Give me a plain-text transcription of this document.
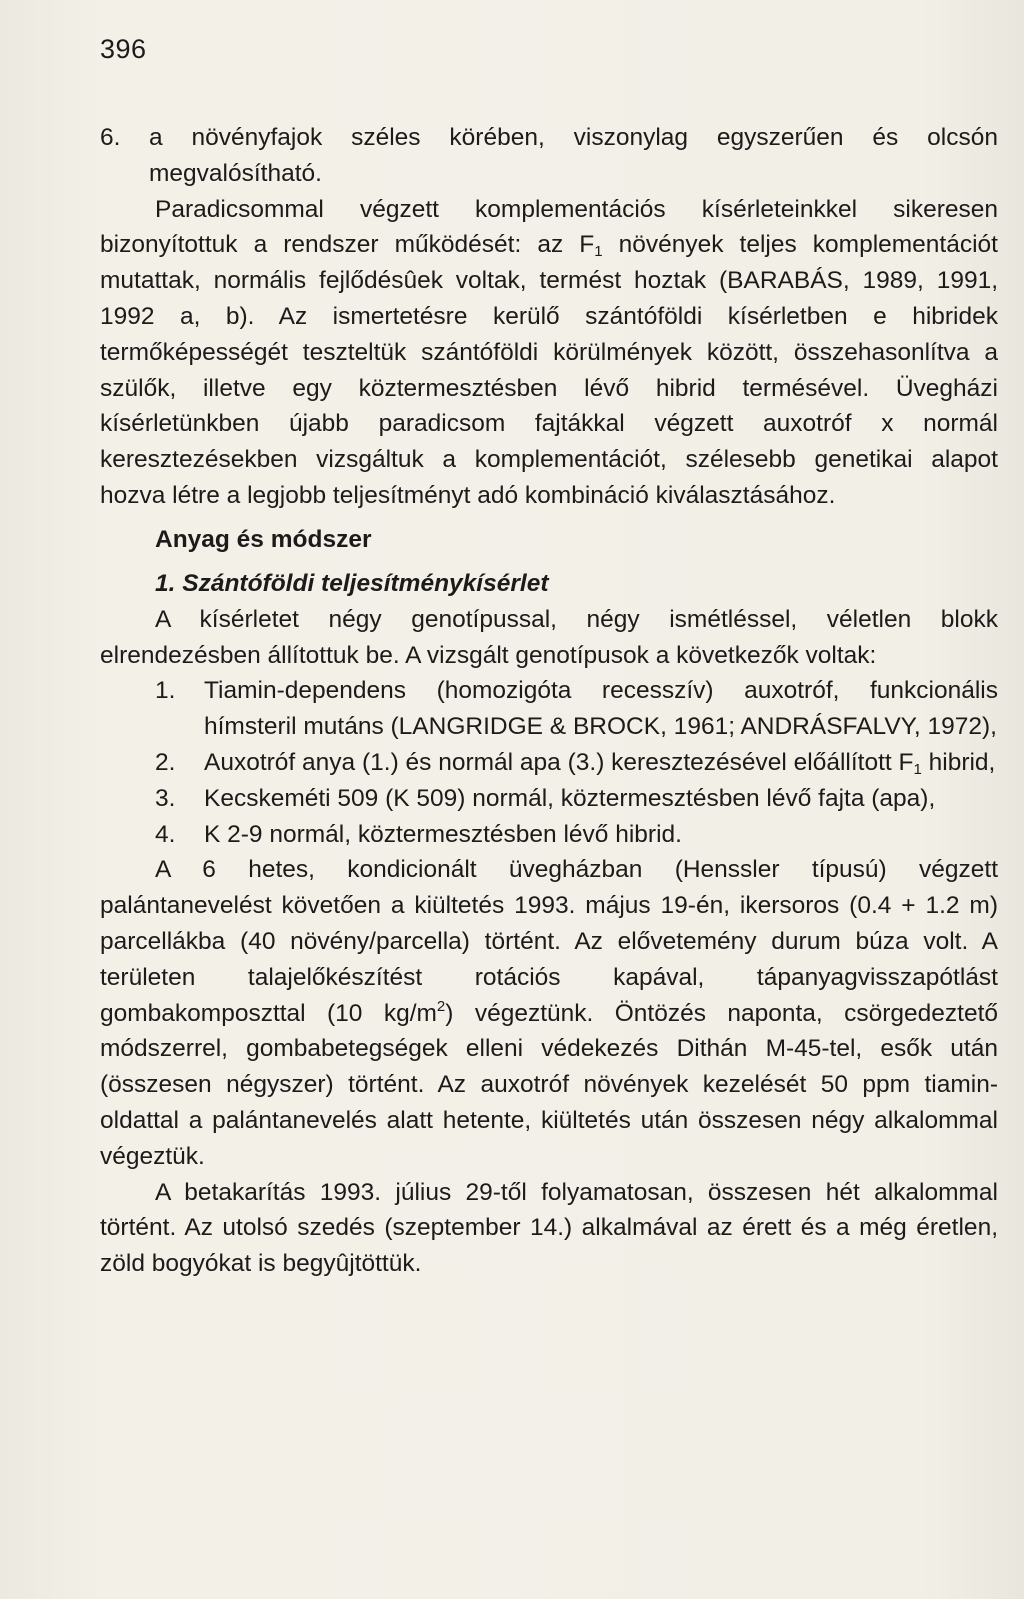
396
6.	a növényfajok széles körében, viszonylag egyszerűen és olcsón megvalósítható.

Paradicsommal végzett komplementációs kísérleteinkkel sikeresen bizonyítottuk a rendszer működését: az $F_1$ növények teljes komplementációt mutattak, normális fejlődésûek voltak, termést hoztak (BARABÁS, 1989, 1991, 1992 a, b). Az ismertetésre kerülő szántóföldi kísérletben e hibridek termőképességét teszteltük szántóföldi körülmények között, összehasonlítva a szülők, illetve egy köztermesztésben lévő hibrid termésével. Üvegházi kísérletünkben újabb paradicsom fajtákkal végzett auxotróf x normál keresztezésekben vizsgáltuk a komplementációt, szélesebb genetikai alapot hozva létre a legjobb teljesítményt adó kombináció kiválasztásához.

Anyag és módszer
1. Szántóföldi teljesítménykísérlet

A kísérletet négy genotípussal, négy ismétléssel, véletlen blokk elrendezésben állítottuk be. A vizsgált genotípusok a következők voltak:

1.	Tiamin-dependens (homozigóta recesszív) auxotróf, funkcionális hímsteril mutáns (LANGRIDGE & BROCK, 1961; ANDRÁSFALVY, 1972),
2.	Auxotróf anya (1.) és normál apa (3.) keresztezésével előállított $F_1$ hibrid,
3.	Kecskeméti 509 (K 509) normál, köztermesztésben lévő fajta (apa),
4.	K 2-9 normál, köztermesztésben lévő hibrid.

A 6 hetes, kondicionált üvegházban (Henssler típusú) végzett palántanevelést követően a kiültetés 1993. május 19-én, ikersoros (0.4 + 1.2 m) parcellákba (40 növény/parcella) történt. Az elővetemény durum búza volt. A területen talajelőkészítést rotációs kapával, tápanyagvisszapótlást gombakomposzttal (10 $kg/m^2$) végeztünk. Öntözés naponta, csörgedeztető módszerrel, gombabetegségek elleni védekezés Dithán M-45-tel, esők után (összesen négyszer) történt. Az auxotróf növények kezelését 50 ppm tiamin-oldattal a palántanevelés alatt hetente, kiültetés után összesen négy alkalommal végeztük.

A betakarítás 1993. július 29-től folyamatosan, összesen hét alkalommal történt. Az utolsó szedés (szeptember 14.) alkalmával az érett és a még éretlen, zöld bogyókat is begyûjtöttük.
